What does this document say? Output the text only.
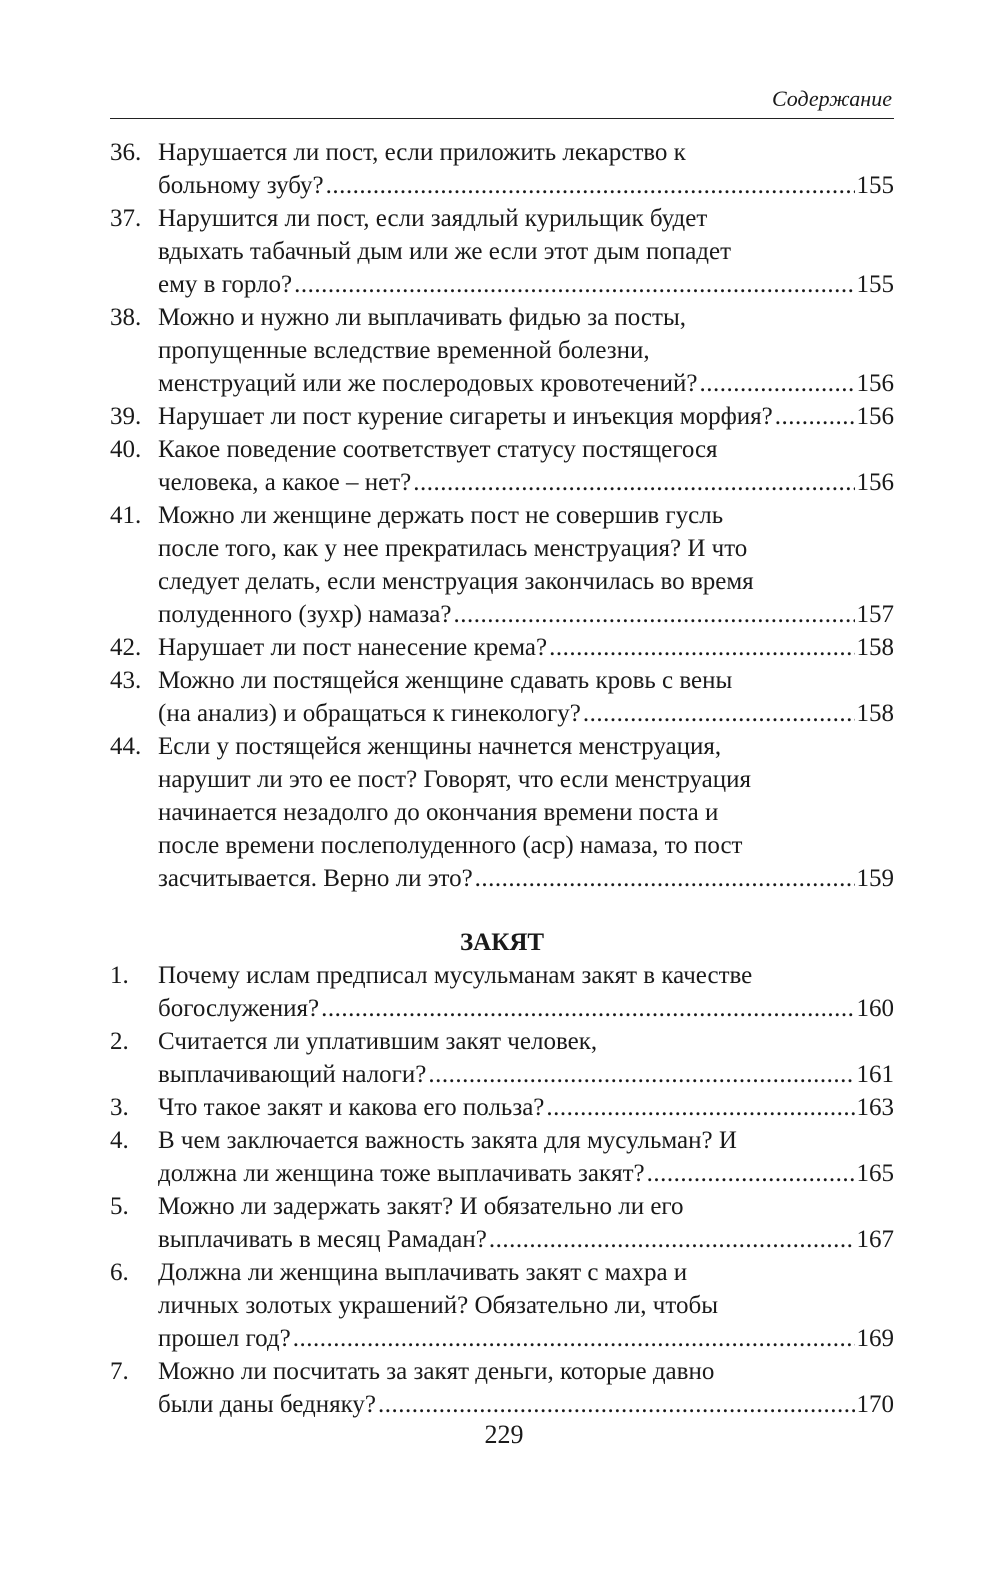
Содержание
36. Нарушается ли пост, если приложить лекарство к
больному зубу? .....	155
37. Нарушится ли пост, если заядлый курильщик будет
вдыхать табачный дым или же если этот дым попадет
ему в горло? .....	155
38. Можно и нужно ли выплачивать фидью за посты,
пропущенные вследствие временной болезни,
менструаций или же послеродовых кровотечений? .....	156
39. Нарушает ли пост курение сигареты и инъекция морфия? .....	156
40. Какое поведение соответствует статусу постящегося
человека, а какое – нет? .....	156
41. Можно ли женщине держать пост не совершив гусль
после того, как у нее прекратилась менструация? И что
следует делать, если менструация закончилась во время
полуденного (зухр) намаза? .....	157
42. Нарушает ли пост нанесение крема? .....	158
43. Можно ли постящейся женщине сдавать кровь с вены
(на анализ) и обращаться к гинекологу? .....	158
44. Если у постящейся женщины начнется менструация,
нарушит ли это ее пост? Говорят, что если менструация
начинается незадолго до окончания времени поста и
после времени послеполуденного (аср) намаза, то пост
засчитывается. Верно ли это? .....	159
ЗАКЯТ
1.	Почему ислам предписал мусульманам закят в качестве
богослужения? .....	160
2.	Считается ли уплатившим закят человек,
выплачивающий налоги? .....	161
3.	Что такое закят и какова его польза? .....	163
4.	В чем заключается важность закята для мусульман? И
должна ли женщина тоже выплачивать закят? .....	165
5.	Можно ли задержать закят? И обязательно ли его
выплачивать в месяц Рамадан? .....	167
6.	Должна ли женщина выплачивать закят с махра и
личных золотых украшений? Обязательно ли, чтобы
прошел год? .....	169
7.	Можно ли посчитать за закят деньги, которые давно
были даны бедняку? .....	170
229
